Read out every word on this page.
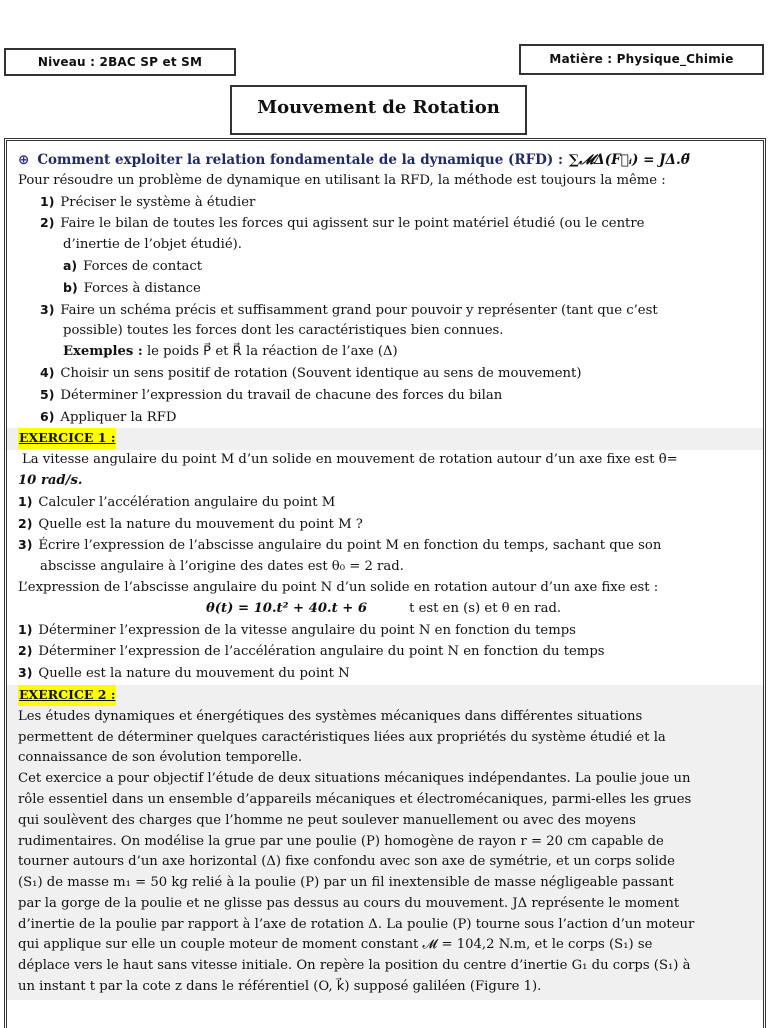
Niveau : 2BAC SP et SM	Matière : Physique_Chimie
Mouvement de Rotation
⊕ Comment exploiter la relation fondamentale de la dynamique (RFD) : ∑𝓜Δ(F⃗ᵢ) = JΔ.θ̈
Pour résoudre un problème de dynamique en utilisant la RFD, la méthode est toujours la même :
1) Préciser le système à étudier
2) Faire le bilan de toutes les forces qui agissent sur le point matériel étudié (ou le centre
d’inertie de l’objet étudié).
a) Forces de contact
b) Forces à distance
3) Faire un schéma précis et suffisamment grand pour pouvoir y représenter (tant que c’est
possible) toutes les forces dont les caractéristiques bien connues.
Exemples : le poids P⃗ et R⃗ la réaction de l’axe (Δ)
4) Choisir un sens positif de rotation (Souvent identique au sens de mouvement)
5) Déterminer l’expression du travail de chacune des forces du bilan
6) Appliquer la RFD
EXERCICE 1 :
La vitesse angulaire du point M d’un solide en mouvement de rotation autour d’un axe fixe est θ̇=
10 rad/s.
1) Calculer l’accélération angulaire du point M
2) Quelle est la nature du mouvement du point M ?
3) Écrire l’expression de l’abscisse angulaire du point M en fonction du temps, sachant que son
abscisse angulaire à l’origine des dates est θ₀ = 2 rad.
L’expression de l’abscisse angulaire du point N d’un solide en rotation autour d’un axe fixe est :
θ(t) = 10.t² + 40.t + 6	t est en (s) et θ en rad.
1) Déterminer l’expression de la vitesse angulaire du point N en fonction du temps
2) Déterminer l’expression de l’accélération angulaire du point N en fonction du temps
3) Quelle est la nature du mouvement du point N
EXERCICE 2 :
Les études dynamiques et énergétiques des systèmes mécaniques dans différentes situations
permettent de déterminer quelques caractéristiques liées aux propriétés du système étudié et la
connaissance de son évolution temporelle.
Cet exercice a pour objectif l’étude de deux situations mécaniques indépendantes. La poulie joue un
rôle essentiel dans un ensemble d’appareils mécaniques et électromécaniques, parmi-elles les grues
qui soulèvent des charges que l’homme ne peut soulever manuellement ou avec des moyens
rudimentaires. On modélise la grue par une poulie (P) homogène de rayon r = 20 cm capable de
tourner autours d’un axe horizontal (Δ) fixe confondu avec son axe de symétrie, et un corps solide
(S₁) de masse m₁ = 50 kg relié à la poulie (P) par un fil inextensible de masse négligeable passant
par la gorge de la poulie et ne glisse pas dessus au cours du mouvement. JΔ représente le moment
d’inertie de la poulie par rapport à l’axe de rotation Δ. La poulie (P) tourne sous l’action d’un moteur
qui applique sur elle un couple moteur de moment constant 𝓜 = 104,2 N.m, et le corps (S₁) se
déplace vers le haut sans vitesse initiale. On repère la position du centre d’inertie G₁ du corps (S₁) à
un instant t par la cote z dans le référentiel (O, k⃗) supposé galiléen (Figure 1).
